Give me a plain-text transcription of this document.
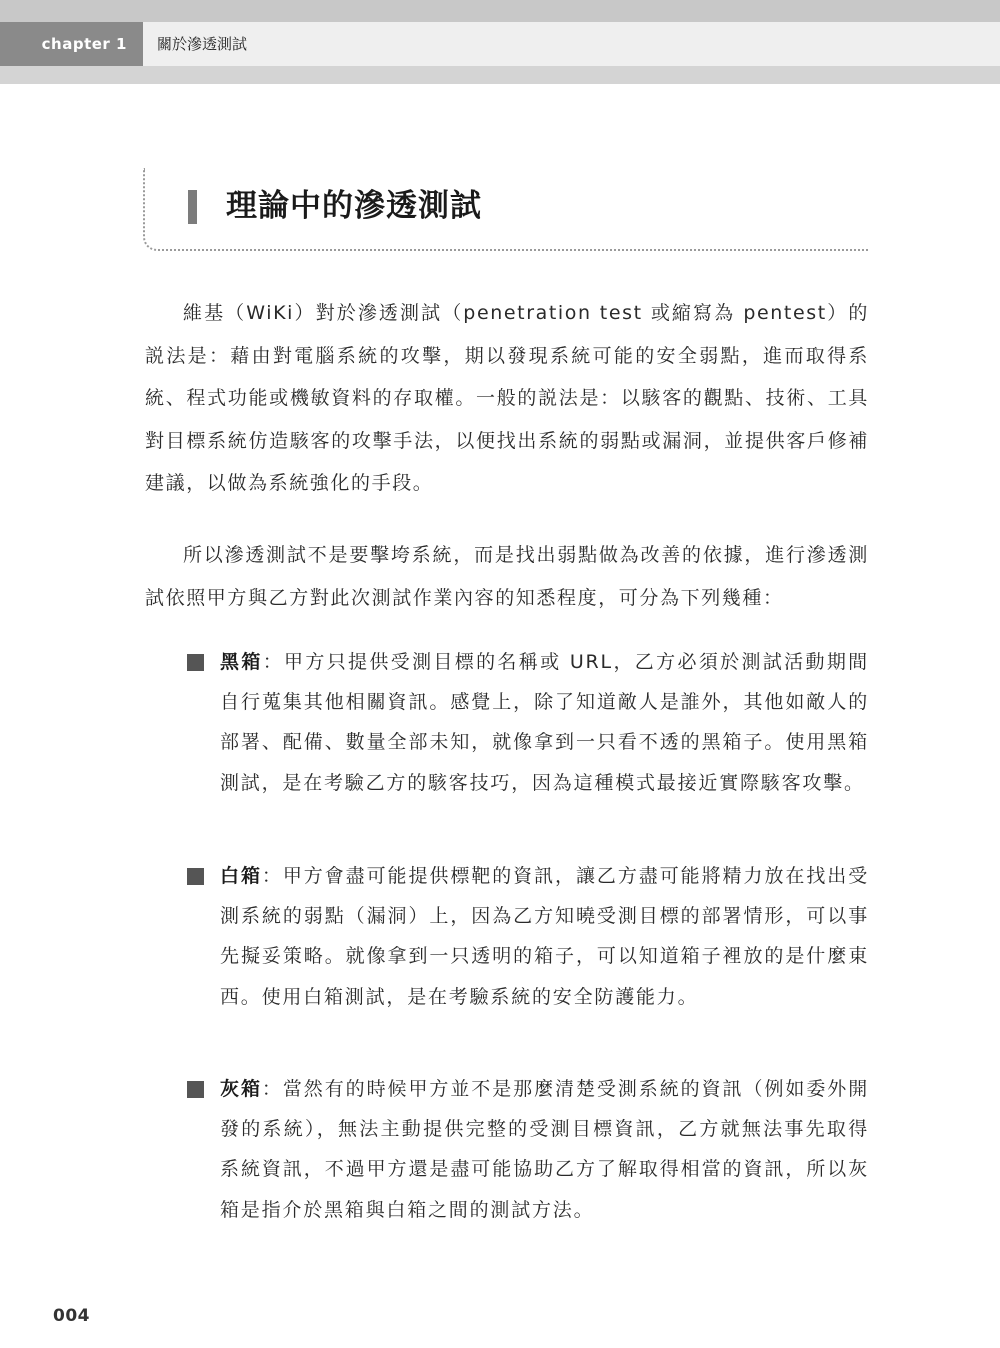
chapter 1	關於滲透測試
理論中的滲透測試

維基（WiKi）對於滲透測試（penetration test 或縮寫為 pentest）的説法是：藉由對電腦系統的攻擊，期以發現系統可能的安全弱點，進而取得系統、程式功能或機敏資料的存取權。一般的説法是：以駭客的觀點、技術、工具對目標系統仿造駭客的攻擊手法，以便找出系統的弱點或漏洞，並提供客戶修補建議，以做為系統強化的手段。

所以滲透測試不是要擊垮系統，而是找出弱點做為改善的依據，進行滲透測試依照甲方與乙方對此次測試作業內容的知悉程度，可分為下列幾種：

黑箱：甲方只提供受測目標的名稱或 URL，乙方必須於測試活動期間自行蒐集其他相關資訊。感覺上，除了知道敵人是誰外，其他如敵人的部署、配備、數量全部未知，就像拿到一只看不透的黑箱子。使用黑箱測試，是在考驗乙方的駭客技巧，因為這種模式最接近實際駭客攻擊。
白箱：甲方會盡可能提供標靶的資訊，讓乙方盡可能將精力放在找出受測系統的弱點（漏洞）上，因為乙方知曉受測目標的部署情形，可以事先擬妥策略。就像拿到一只透明的箱子，可以知道箱子裡放的是什麼東西。使用白箱測試，是在考驗系統的安全防護能力。
灰箱：當然有的時候甲方並不是那麼清楚受測系統的資訊（例如委外開發的系統），無法主動提供完整的受測目標資訊，乙方就無法事先取得系統資訊，不過甲方還是盡可能協助乙方了解取得相當的資訊，所以灰箱是指介於黑箱與白箱之間的測試方法。
004
